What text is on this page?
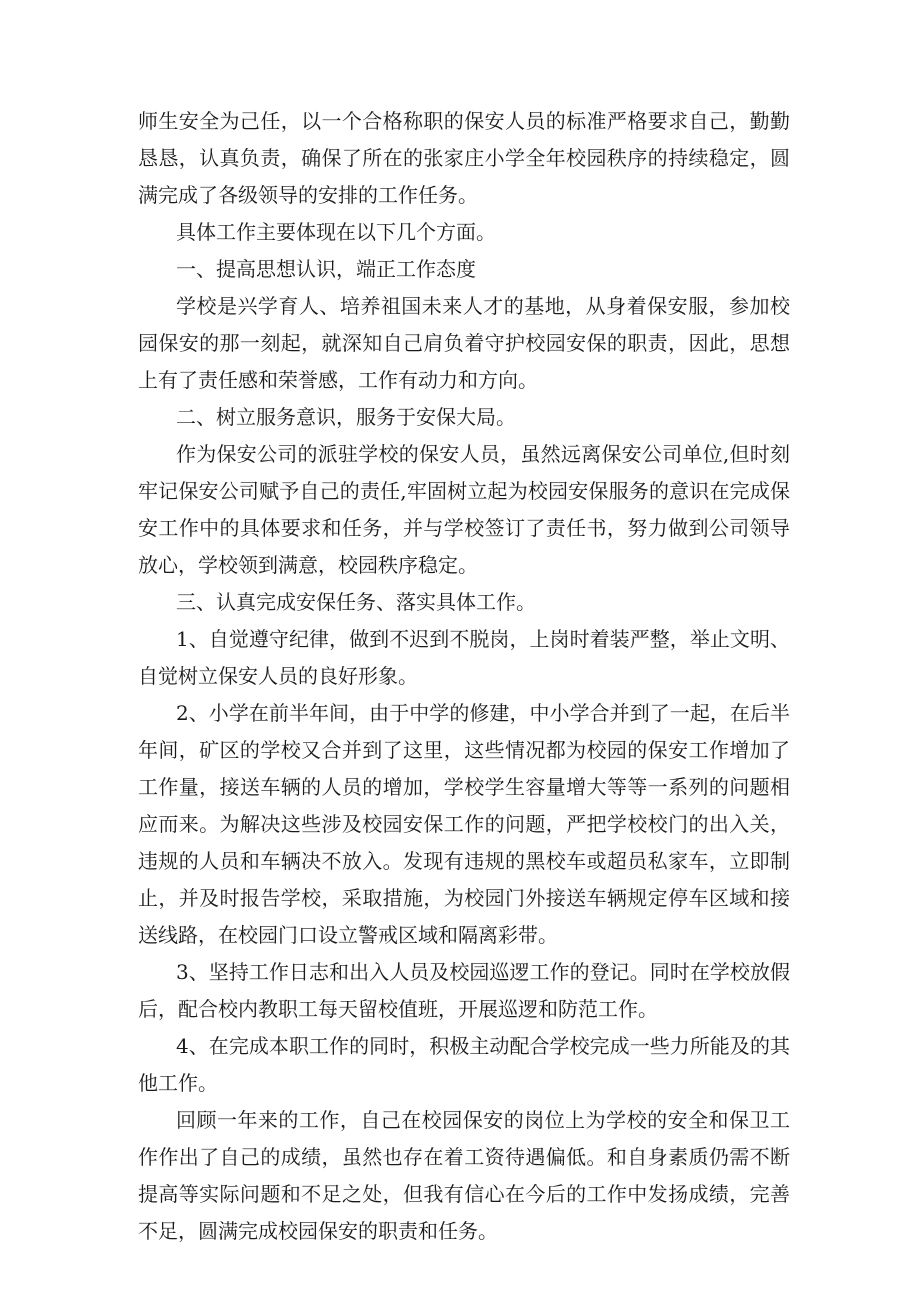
师生安全为己任，以一个合格称职的保安人员的标准严格要求自己，勤勤恳恳，认真负责，确保了所在的张家庄小学全年校园秩序的持续稳定，圆满完成了各级领导的安排的工作任务。

具体工作主要体现在以下几个方面。

一、提高思想认识，端正工作态度

学校是兴学育人、培养祖国未来人才的基地，从身着保安服，参加校园保安的那一刻起，就深知自己肩负着守护校园安保的职责，因此，思想上有了责任感和荣誉感，工作有动力和方向。

二、树立服务意识，服务于安保大局。

作为保安公司的派驻学校的保安人员，虽然远离保安公司单位,但时刻牢记保安公司赋予自己的责任,牢固树立起为校园安保服务的意识在完成保安工作中的具体要求和任务，并与学校签订了责任书，努力做到公司领导放心，学校领到满意，校园秩序稳定。

三、认真完成安保任务、落实具体工作。

1、自觉遵守纪律，做到不迟到不脱岗，上岗时着装严整，举止文明、自觉树立保安人员的良好形象。

2、小学在前半年间，由于中学的修建，中小学合并到了一起，在后半年间，矿区的学校又合并到了这里，这些情况都为校园的保安工作增加了工作量，接送车辆的人员的增加，学校学生容量增大等等一系列的问题相应而来。为解决这些涉及校园安保工作的问题，严把学校校门的出入关，违规的人员和车辆决不放入。发现有违规的黑校车或超员私家车，立即制止，并及时报告学校，采取措施，为校园门外接送车辆规定停车区域和接送线路，在校园门口设立警戒区域和隔离彩带。

3、坚持工作日志和出入人员及校园巡逻工作的登记。同时在学校放假后，配合校内教职工每天留校值班，开展巡逻和防范工作。

4、在完成本职工作的同时，积极主动配合学校完成一些力所能及的其他工作。

回顾一年来的工作，自己在校园保安的岗位上为学校的安全和保卫工作作出了自己的成绩，虽然也存在着工资待遇偏低。和自身素质仍需不断提高等实际问题和不足之处，但我有信心在今后的工作中发扬成绩，完善不足，圆满完成校园保安的职责和任务。
